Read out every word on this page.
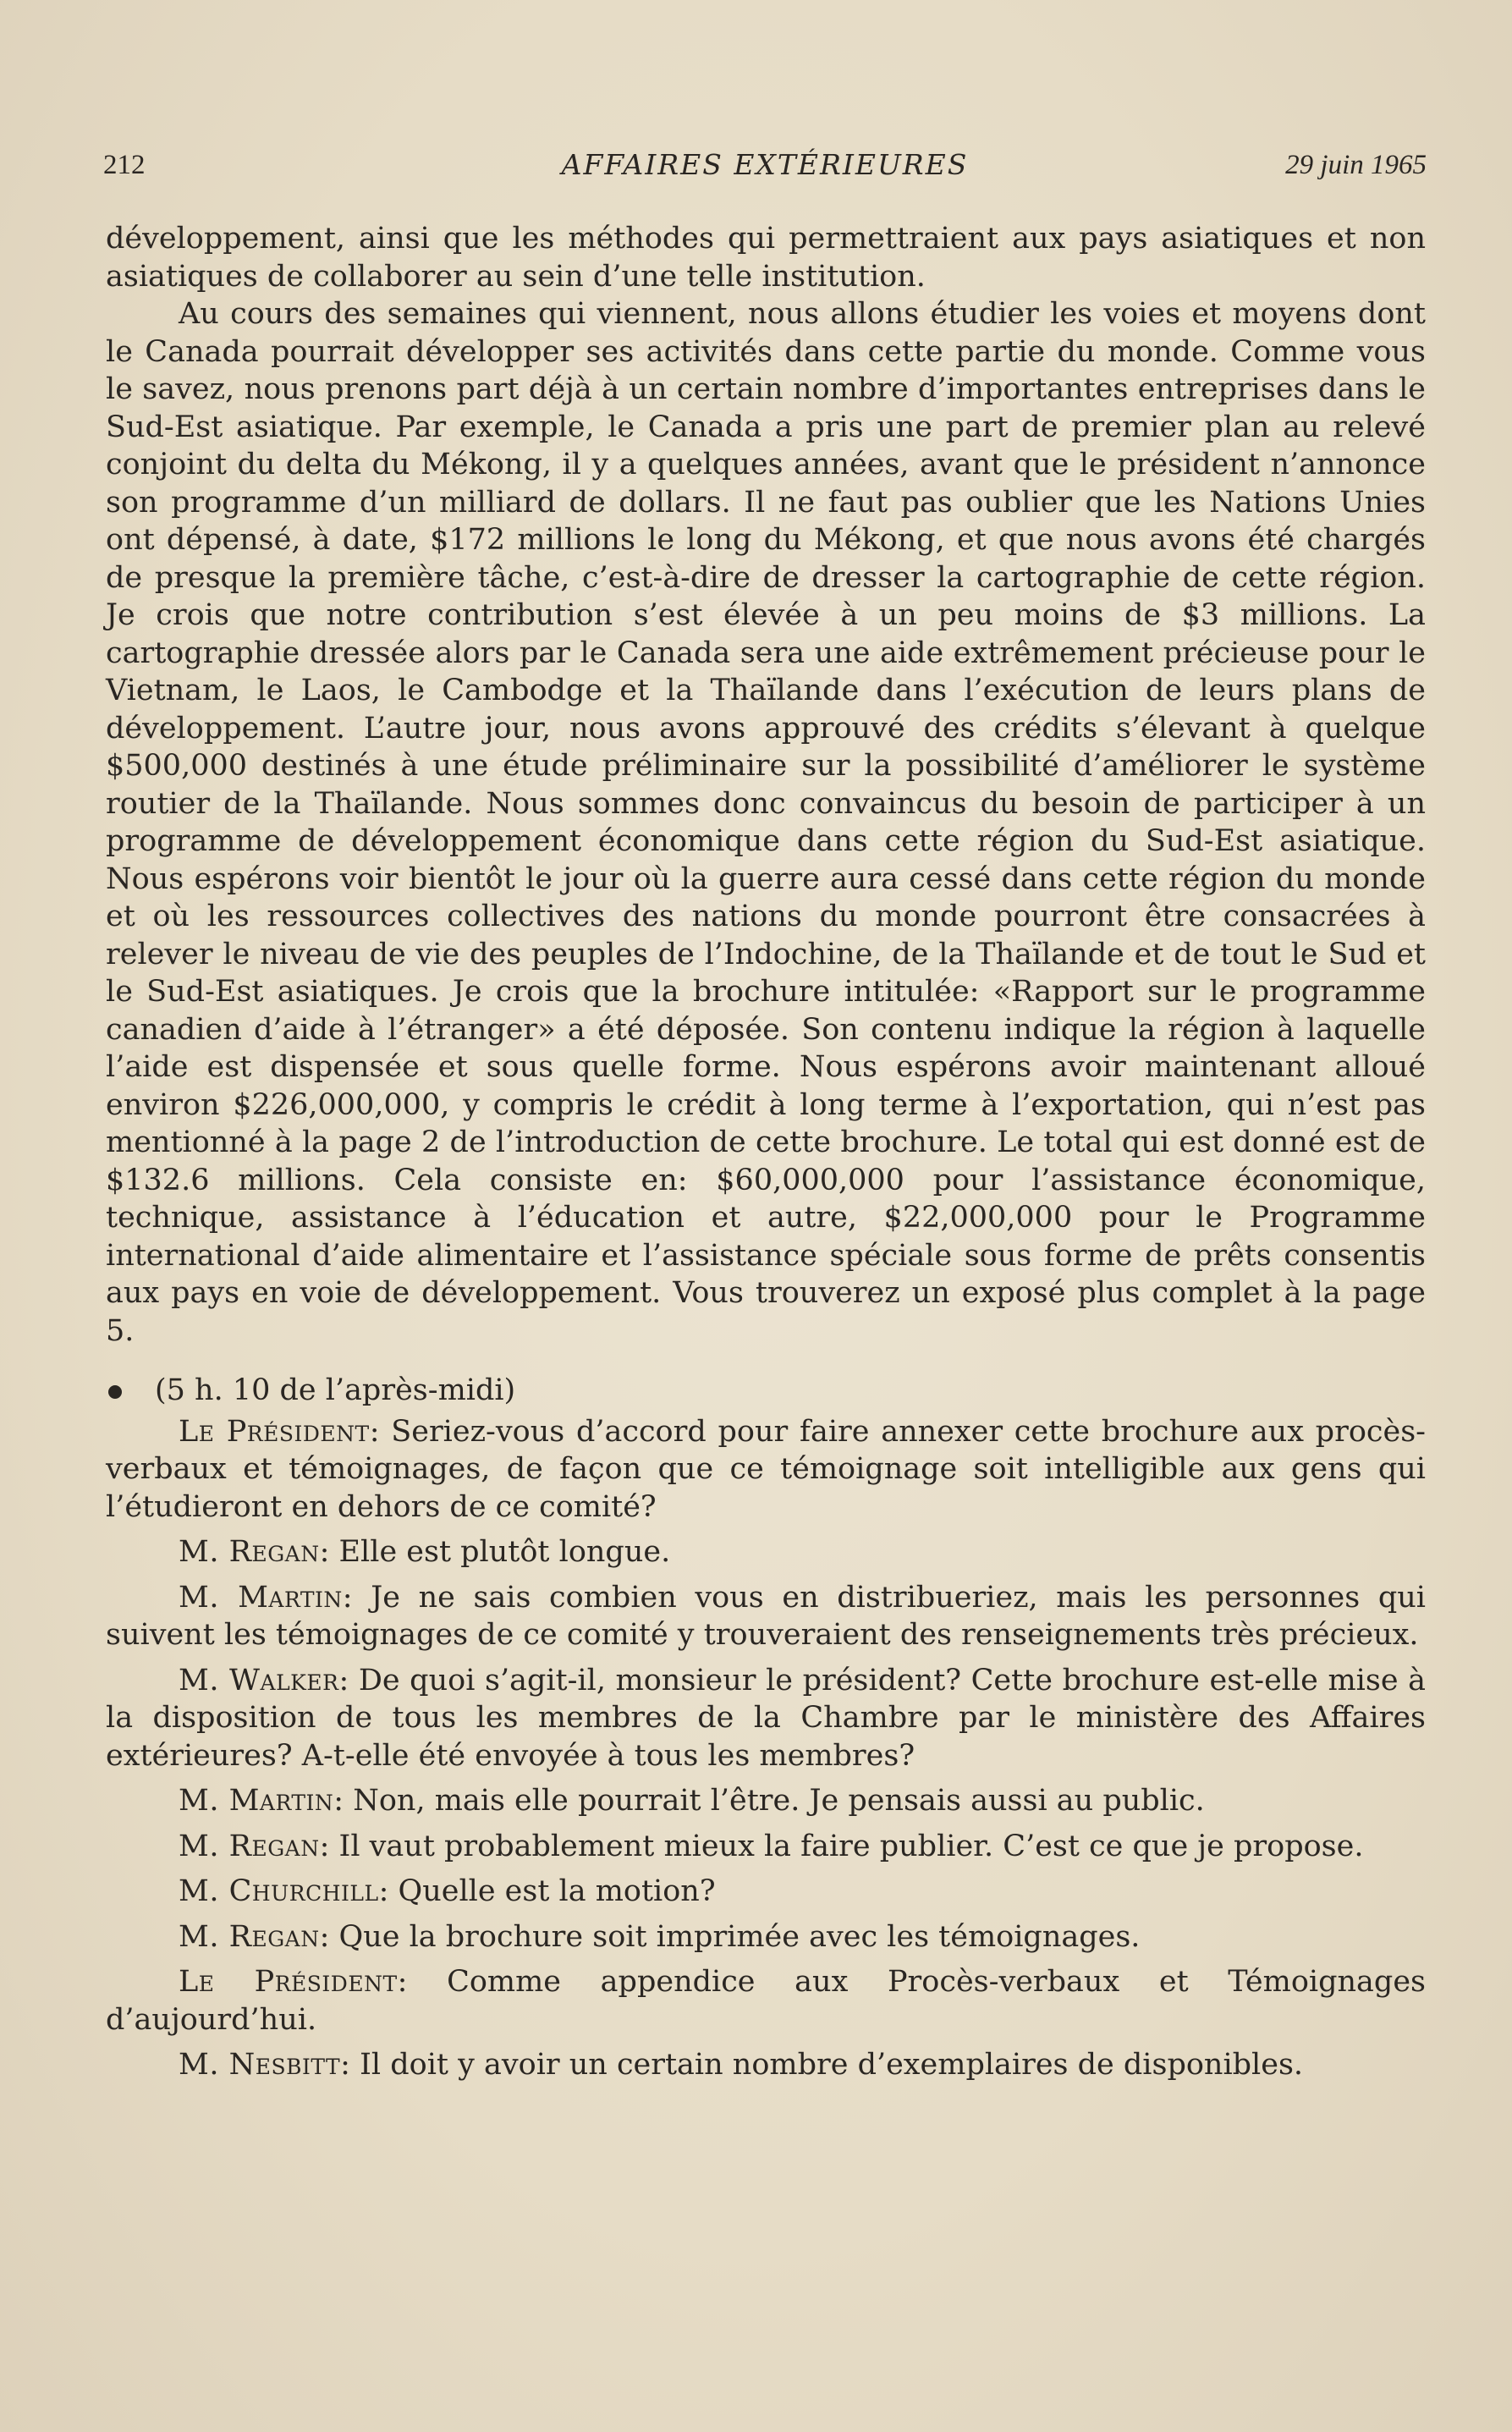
212	AFFAIRES EXTÉRIEURES	29 juin 1965

développement, ainsi que les méthodes qui permettraient aux pays asiatiques et non asiatiques de collaborer au sein d’une telle institution.

Au cours des semaines qui viennent, nous allons étudier les voies et moyens dont le Canada pourrait développer ses activités dans cette partie du monde. Comme vous le savez, nous prenons part déjà à un certain nombre d’importantes entreprises dans le Sud-Est asiatique. Par exemple, le Canada a pris une part de premier plan au relevé conjoint du delta du Mékong, il y a quelques années, avant que le président n’annonce son programme d’un milliard de dollars. Il ne faut pas oublier que les Nations Unies ont dépensé, à date, $172 millions le long du Mékong, et que nous avons été chargés de presque la première tâche, c’est-à-dire de dresser la cartographie de cette région. Je crois que notre contribution s’est élevée à un peu moins de $3 millions. La cartographie dressée alors par le Canada sera une aide extrêmement précieuse pour le Vietnam, le Laos, le Cambodge et la Thaïlande dans l’exécution de leurs plans de développement. L’autre jour, nous avons approuvé des crédits s’élevant à quelque $500,000 destinés à une étude préliminaire sur la possibilité d’améliorer le système routier de la Thaïlande. Nous sommes donc convaincus du besoin de participer à un programme de développement économique dans cette région du Sud-Est asiatique. Nous espérons voir bientôt le jour où la guerre aura cessé dans cette région du monde et où les ressources collectives des nations du monde pourront être consacrées à relever le niveau de vie des peuples de l’Indochine, de la Thaïlande et de tout le Sud et le Sud-Est asiatiques. Je crois que la brochure intitulée: «Rapport sur le programme canadien d’aide à l’étranger» a été déposée. Son contenu indique la région à laquelle l’aide est dispensée et sous quelle forme. Nous espérons avoir maintenant alloué environ $226,000,000, y compris le crédit à long terme à l’exportation, qui n’est pas mentionné à la page 2 de l’introduction de cette brochure. Le total qui est donné est de $132.6 millions. Cela consiste en: $60,000,000 pour l’assistance économique, technique, assistance à l’éducation et autre, $22,000,000 pour le Programme international d’aide alimentaire et l’assistance spéciale sous forme de prêts consentis aux pays en voie de développement. Vous trouverez un exposé plus complet à la page 5.

(5 h. 10 de l’après-midi)

Le Président: Seriez-vous d’accord pour faire annexer cette brochure aux procès-verbaux et témoignages, de façon que ce témoignage soit intelligible aux gens qui l’étudieront en dehors de ce comité?

M. Regan: Elle est plutôt longue.

M. Martin: Je ne sais combien vous en distribueriez, mais les personnes qui suivent les témoignages de ce comité y trouveraient des renseignements très précieux.

M. Walker: De quoi s’agit-il, monsieur le président? Cette brochure est-elle mise à la disposition de tous les membres de la Chambre par le ministère des Affaires extérieures? A-t-elle été envoyée à tous les membres?

M. Martin: Non, mais elle pourrait l’être. Je pensais aussi au public.

M. Regan: Il vaut probablement mieux la faire publier. C’est ce que je propose.

M. Churchill: Quelle est la motion?

M. Regan: Que la brochure soit imprimée avec les témoignages.

Le Président: Comme appendice aux Procès-verbaux et Témoignages d’aujourd’hui.

M. Nesbitt: Il doit y avoir un certain nombre d’exemplaires de disponibles.
